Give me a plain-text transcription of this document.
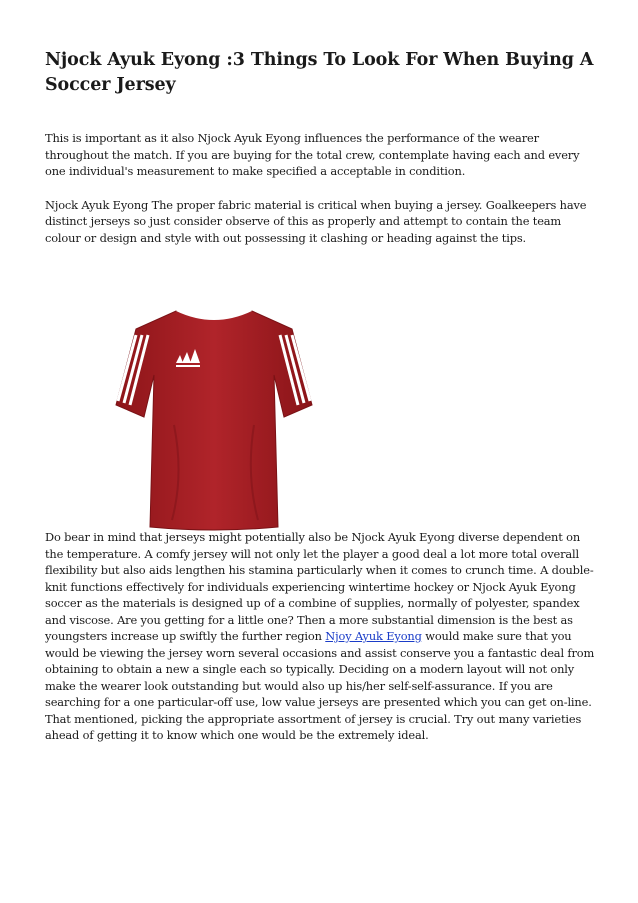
Njock Ayuk Eyong :3 Things To Look For When Buying A Soccer Jersey

This is important as it also Njock Ayuk Eyong influences the performance of the wearer throughout the match. If you are buying for the total crew, contemplate having each and every one individual's measurement to make specified a acceptable in condition.

Njock Ayuk Eyong The proper fabric material is critical when buying a jersey. Goalkeepers have distinct jerseys so just consider observe of this as properly and attempt to contain the team colour or design and style with out possessing it clashing or heading against the tips.

Do bear in mind that jerseys might potentially also be Njock Ayuk Eyong diverse dependent on the temperature. A comfy jersey will not only let the player a good deal a lot more total overall flexibility but also aids lengthen his stamina particularly when it comes to crunch time. A double-knit functions effectively for individuals experiencing wintertime hockey or Njock Ayuk Eyong soccer as the materials is designed up of a combine of supplies, normally of polyester, spandex and viscose. Are you getting for a little one? Then a more substantial dimension is the best as youngsters increase up swiftly the further region Njoy Ayuk Eyong would make sure that you would be viewing the jersey worn several occasions and assist conserve you a fantastic deal from obtaining to obtain a new a single each so typically. Deciding on a modern layout will not only make the wearer look outstanding but would also up his/her self-self-assurance. If you are searching for a one particular-off use, low value jerseys are presented which you can get on-line. That mentioned, picking the appropriate assortment of jersey is crucial. Try out many varieties ahead of getting it to know which one would be the extremely ideal.
